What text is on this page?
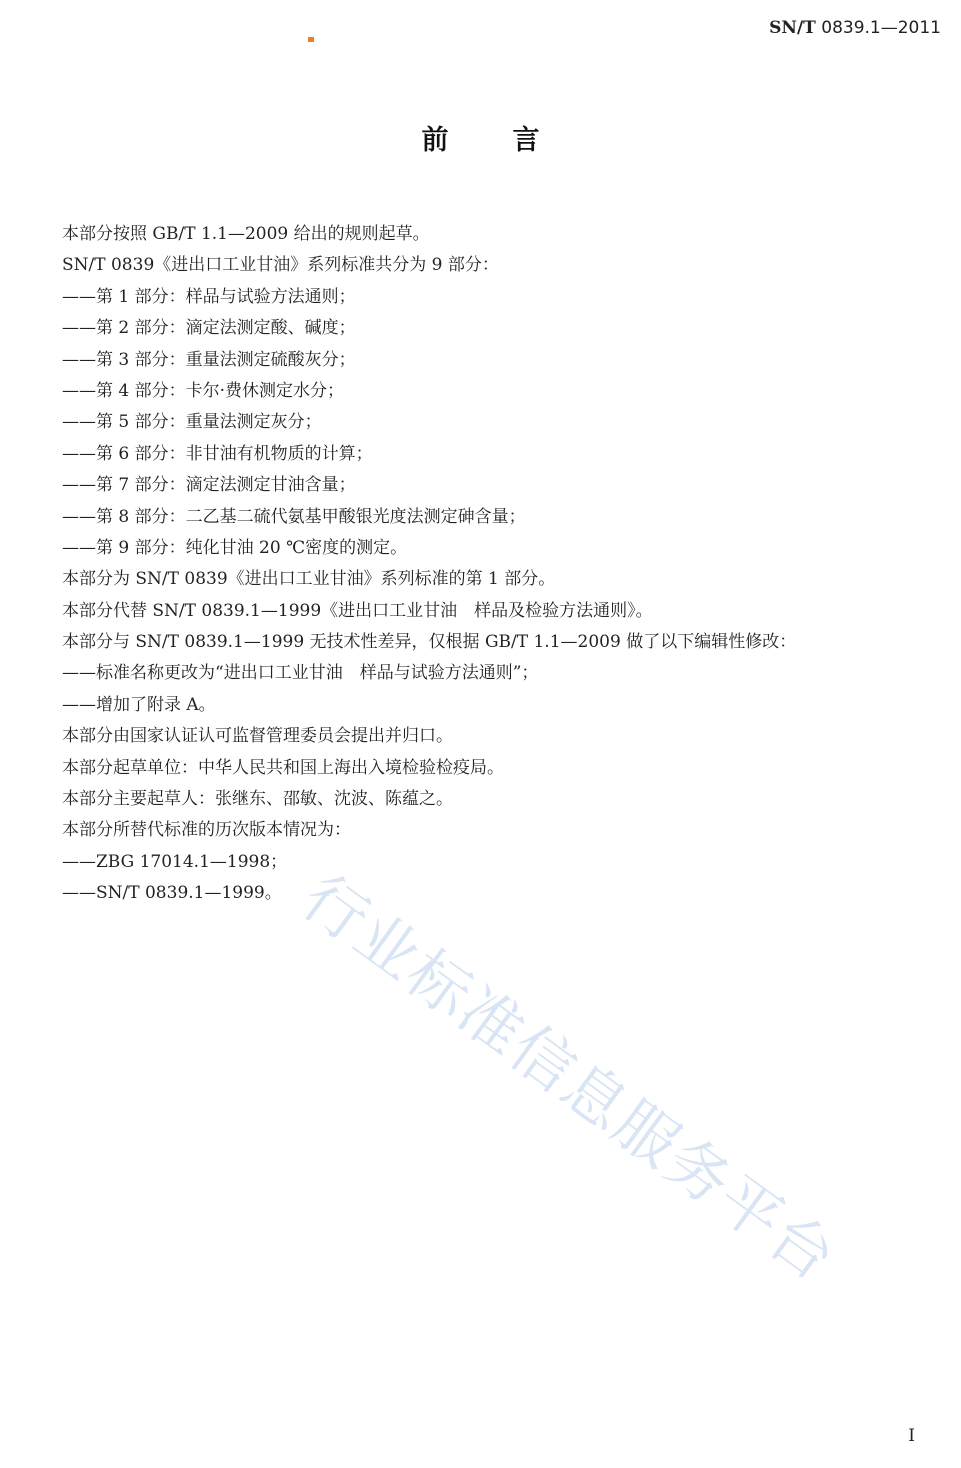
SN/T 0839.1—2011
前言
本部分按照 GB/T 1.1—2009 给出的规则起草。
SN/T 0839《进出口工业甘油》系列标准共分为 9 部分：
——第 1 部分：样品与试验方法通则；
——第 2 部分：滴定法测定酸、碱度；
——第 3 部分：重量法测定硫酸灰分；
——第 4 部分：卡尔·费休测定水分；
——第 5 部分：重量法测定灰分；
——第 6 部分：非甘油有机物质的计算；
——第 7 部分：滴定法测定甘油含量；
——第 8 部分：二乙基二硫代氨基甲酸银光度法测定砷含量；
——第 9 部分：纯化甘油 20 ℃密度的测定。
本部分为 SN/T 0839《进出口工业甘油》系列标准的第 1 部分。
本部分代替 SN/T 0839.1—1999《进出口工业甘油　样品及检验方法通则》。
本部分与 SN/T 0839.1—1999 无技术性差异，仅根据 GB/T 1.1—2009 做了以下编辑性修改：
——标准名称更改为“进出口工业甘油　样品与试验方法通则”；
——增加了附录 A。
本部分由国家认证认可监督管理委员会提出并归口。
本部分起草单位：中华人民共和国上海出入境检验检疫局。
本部分主要起草人：张继东、邵敏、沈波、陈蕴之。
本部分所替代标准的历次版本情况为：
——ZBG 17014.1—1998；
——SN/T 0839.1—1999。 行业标准信息服务平台
I
